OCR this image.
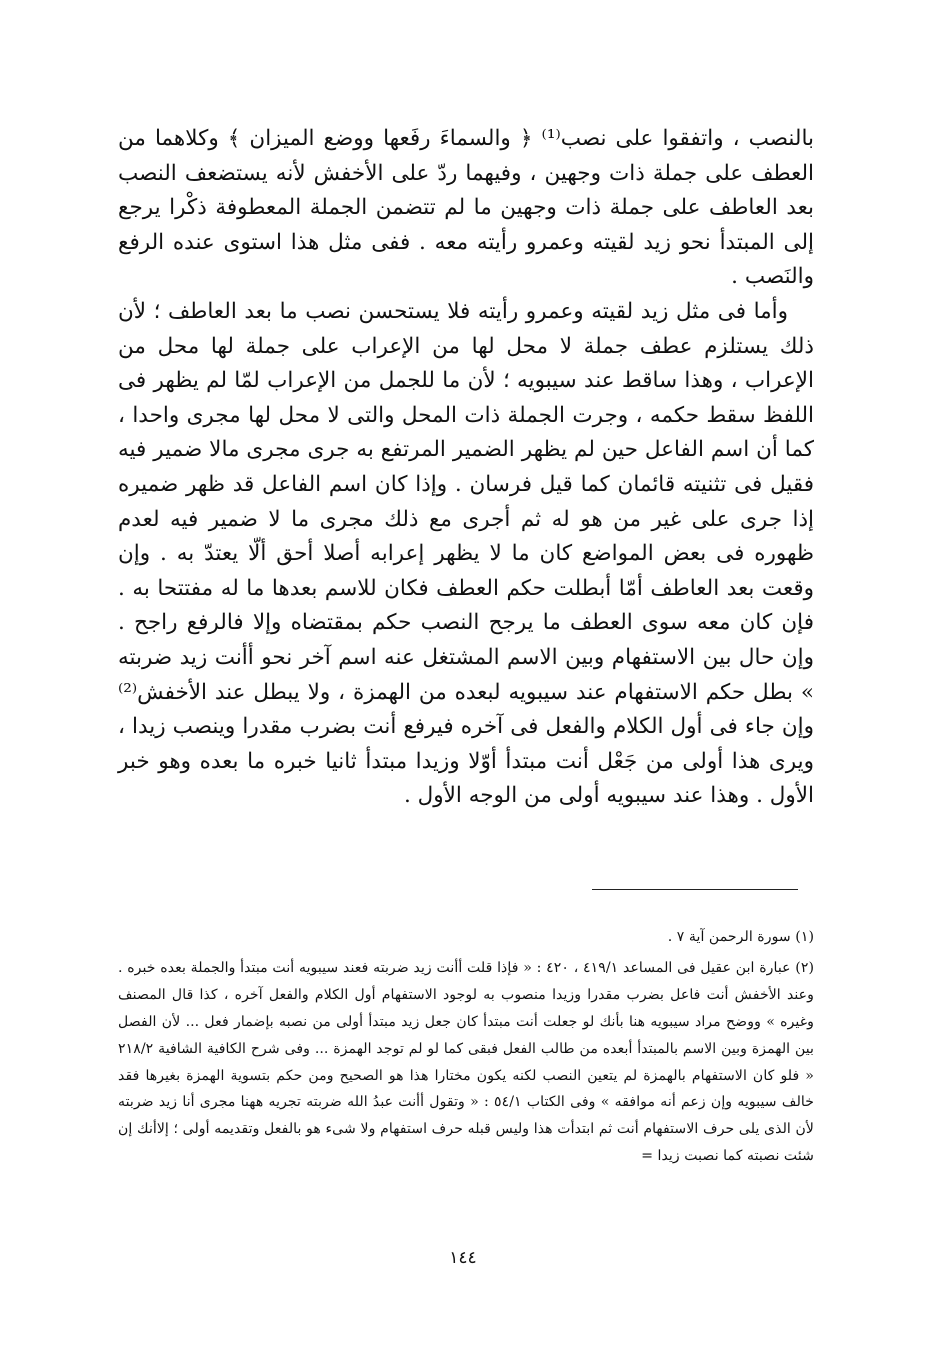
بالنصب ، واتفقوا على نصب⁽¹⁾ ﴿ والسماءَ رفَعها ووضع الميزان ﴾ وكلاهما من العطف على جملة ذات وجهين ، وفيهما ردّ على الأخفش لأنه يستضعف النصب بعد العاطف على جملة ذات وجهين ما لم تتضمن الجملة المعطوفة ذكْرا يرجع إلى المبتدأ نحو زيد لقيته وعمرو رأيته معه . ففى مثل هذا استوى عنده الرفع والنَصب .

وأما فى مثل زيد لقيته وعمرو رأيته فلا يستحسن نصب ما بعد العاطف ؛ لأن ذلك يستلزم عطف جملة لا محل لها من الإعراب على جملة لها محل من الإعراب ، وهذا ساقط عند سيبويه ؛ لأن ما للجمل من الإعراب لمّا لم يظهر فى اللفظ سقط حكمه ، وجرت الجملة ذات المحل والتى لا محل لها مجرى واحدا ، كما أن اسم الفاعل حين لم يظهر الضمير المرتفع به جرى مجرى مالا ضمير فيه فقيل فى تثنيته قائمان كما قيل فرسان . وإذا كان اسم الفاعل قد ظهر ضميره إذا جرى على غير من هو له ثم أجرى مع ذلك مجرى ما لا ضمير فيه لعدم ظهوره فى بعض المواضع كان ما لا يظهر إعرابه أصلا أحق ألّا يعتدّ به . وإن وقعت بعد العاطف أمّا أبطلت حكم العطف فكان للاسم بعدها ما له مفتتحا به . فإن كان معه سوى العطف ما يرجح النصب حكم بمقتضاه وإلا فالرفع راجح . وإن حال بين الاستفهام وبين الاسم المشتغل عنه اسم آخر نحو أأنت زيد ضربته » بطل حكم الاستفهام عند سيبويه لبعده من الهمزة ، ولا يبطل عند الأخفش⁽²⁾ وإن جاء فى أول الكلام والفعل فى آخره فيرفع أنت بضرب مقدرا وينصب زيدا ، ويرى هذا أولى من جَعْل أنت مبتدأ أوّلا وزيدا مبتدأ ثانيا خبره ما بعده وهو خبر الأول . وهذا عند سيبويه أولى من الوجه الأول .

(١) سورة الرحمن آية ٧ .

(٢) عبارة ابن عقيل فى المساعد ٤١٩/١ ، ٤٢٠ : « فإذا قلت أأنت زيد ضربته فعند سيبويه أنت مبتدأ والجملة بعده خبره . وعند الأخفش أنت فاعل بضرب مقدرا وزيدا منصوب به لوجود الاستفهام أول الكلام والفعل آخره ، كذا قال المصنف وغيره » ووضح مراد سيبويه هنا بأنك لو جعلت أنت مبتدأ كان جعل زيد مبتدأ أولى من نصبه بإضمار فعل ... لأن الفصل بين الهمزة وبين الاسم بالمبتدأ أبعده من طالب الفعل فبقى كما لو لم توجد الهمزة ... وفى شرح الكافية الشافية ٢١٨/٢ « فلو كان الاستفهام بالهمزة لم يتعين النصب لكنه يكون مختارا هذا هو الصحيح ومن حكم بتسوية الهمزة بغيرها فقد خالف سيبويه وإن زعم أنه موافقه » وفى الكتاب ٥٤/١ : « وتقول أأنت عبدُ الله ضربته تجريه ههنا مجرى أنا زيد ضربته لأن الذى يلى حرف الاستفهام أنت ثم ابتدأت هذا وليس قبله حرف استفهام ولا شىء هو بالفعل وتقديمه أولى ؛ إلاأنك إن شئت نصبته كما نصبت زيدا =

١٤٤
